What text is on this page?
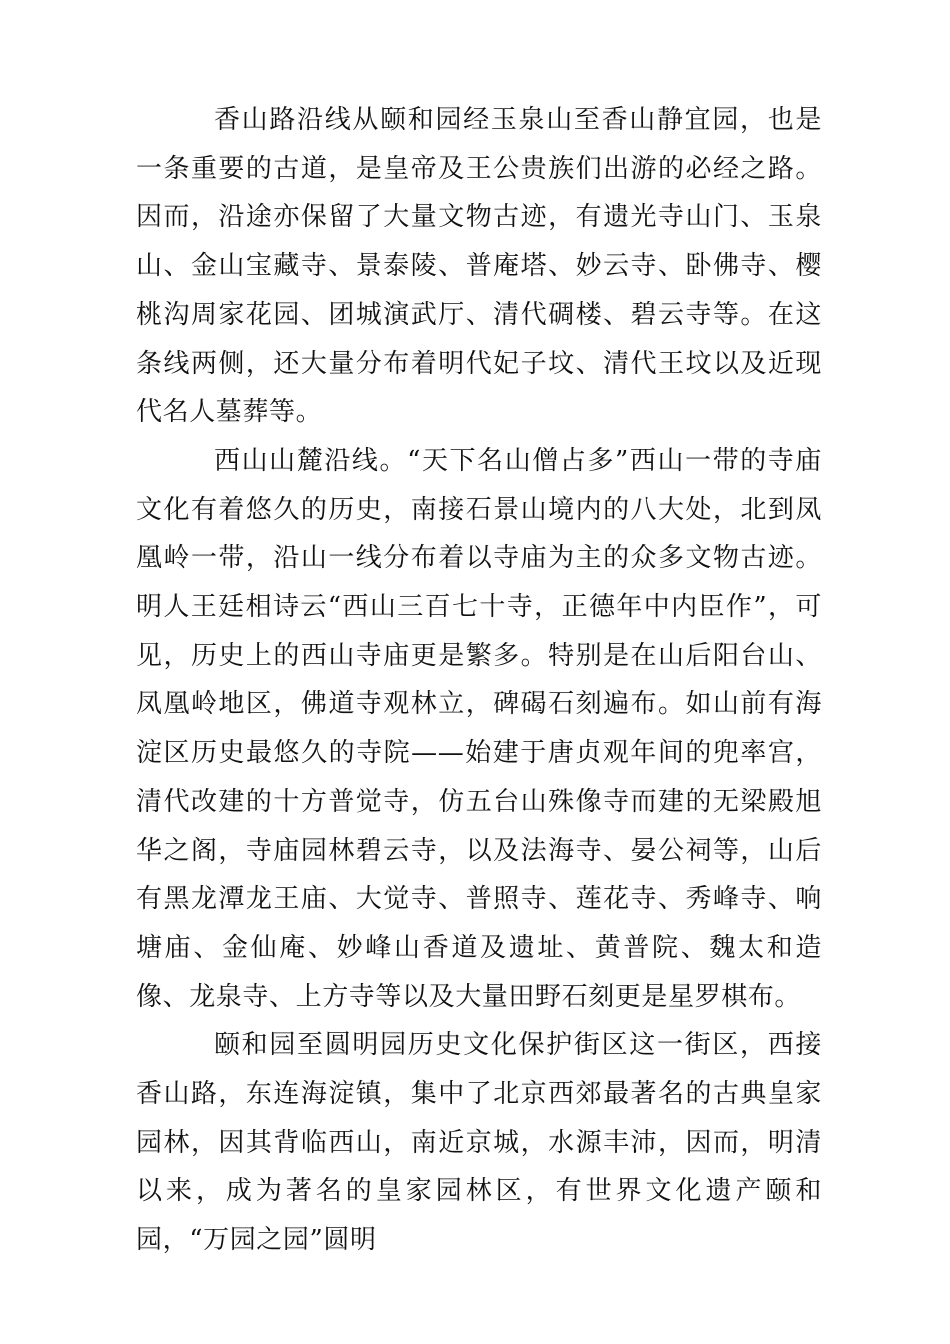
香山路沿线从颐和园经玉泉山至香山静宜园，也是一条重要的古道，是皇帝及王公贵族们出游的必经之路。因而，沿途亦保留了大量文物古迹，有遗光寺山门、玉泉山、金山宝藏寺、景泰陵、普庵塔、妙云寺、卧佛寺、樱桃沟周家花园、团城演武厅、清代碉楼、碧云寺等。在这条线两侧，还大量分布着明代妃子坟、清代王坟以及近现代名人墓葬等。

西山山麓沿线。“天下名山僧占多”西山一带的寺庙文化有着悠久的历史，南接石景山境内的八大处，北到凤凰岭一带，沿山一线分布着以寺庙为主的众多文物古迹。明人王廷相诗云“西山三百七十寺，正德年中内臣作”，可见，历史上的西山寺庙更是繁多。特别是在山后阳台山、凤凰岭地区，佛道寺观林立，碑碣石刻遍布。如山前有海淀区历史最悠久的寺院——始建于唐贞观年间的兜率宫，清代改建的十方普觉寺，仿五台山殊像寺而建的无梁殿旭华之阁，寺庙园林碧云寺，以及法海寺、晏公祠等，山后有黑龙潭龙王庙、大觉寺、普照寺、莲花寺、秀峰寺、响塘庙、金仙庵、妙峰山香道及遗址、黄普院、魏太和造像、龙泉寺、上方寺等以及大量田野石刻更是星罗棋布。

颐和园至圆明园历史文化保护街区这一街区，西接香山路，东连海淀镇，集中了北京西郊最著名的古典皇家园林，因其背临西山，南近京城，水源丰沛，因而，明清以来，成为著名的皇家园林区，有世界文化遗产颐和园，“万园之园”圆明
